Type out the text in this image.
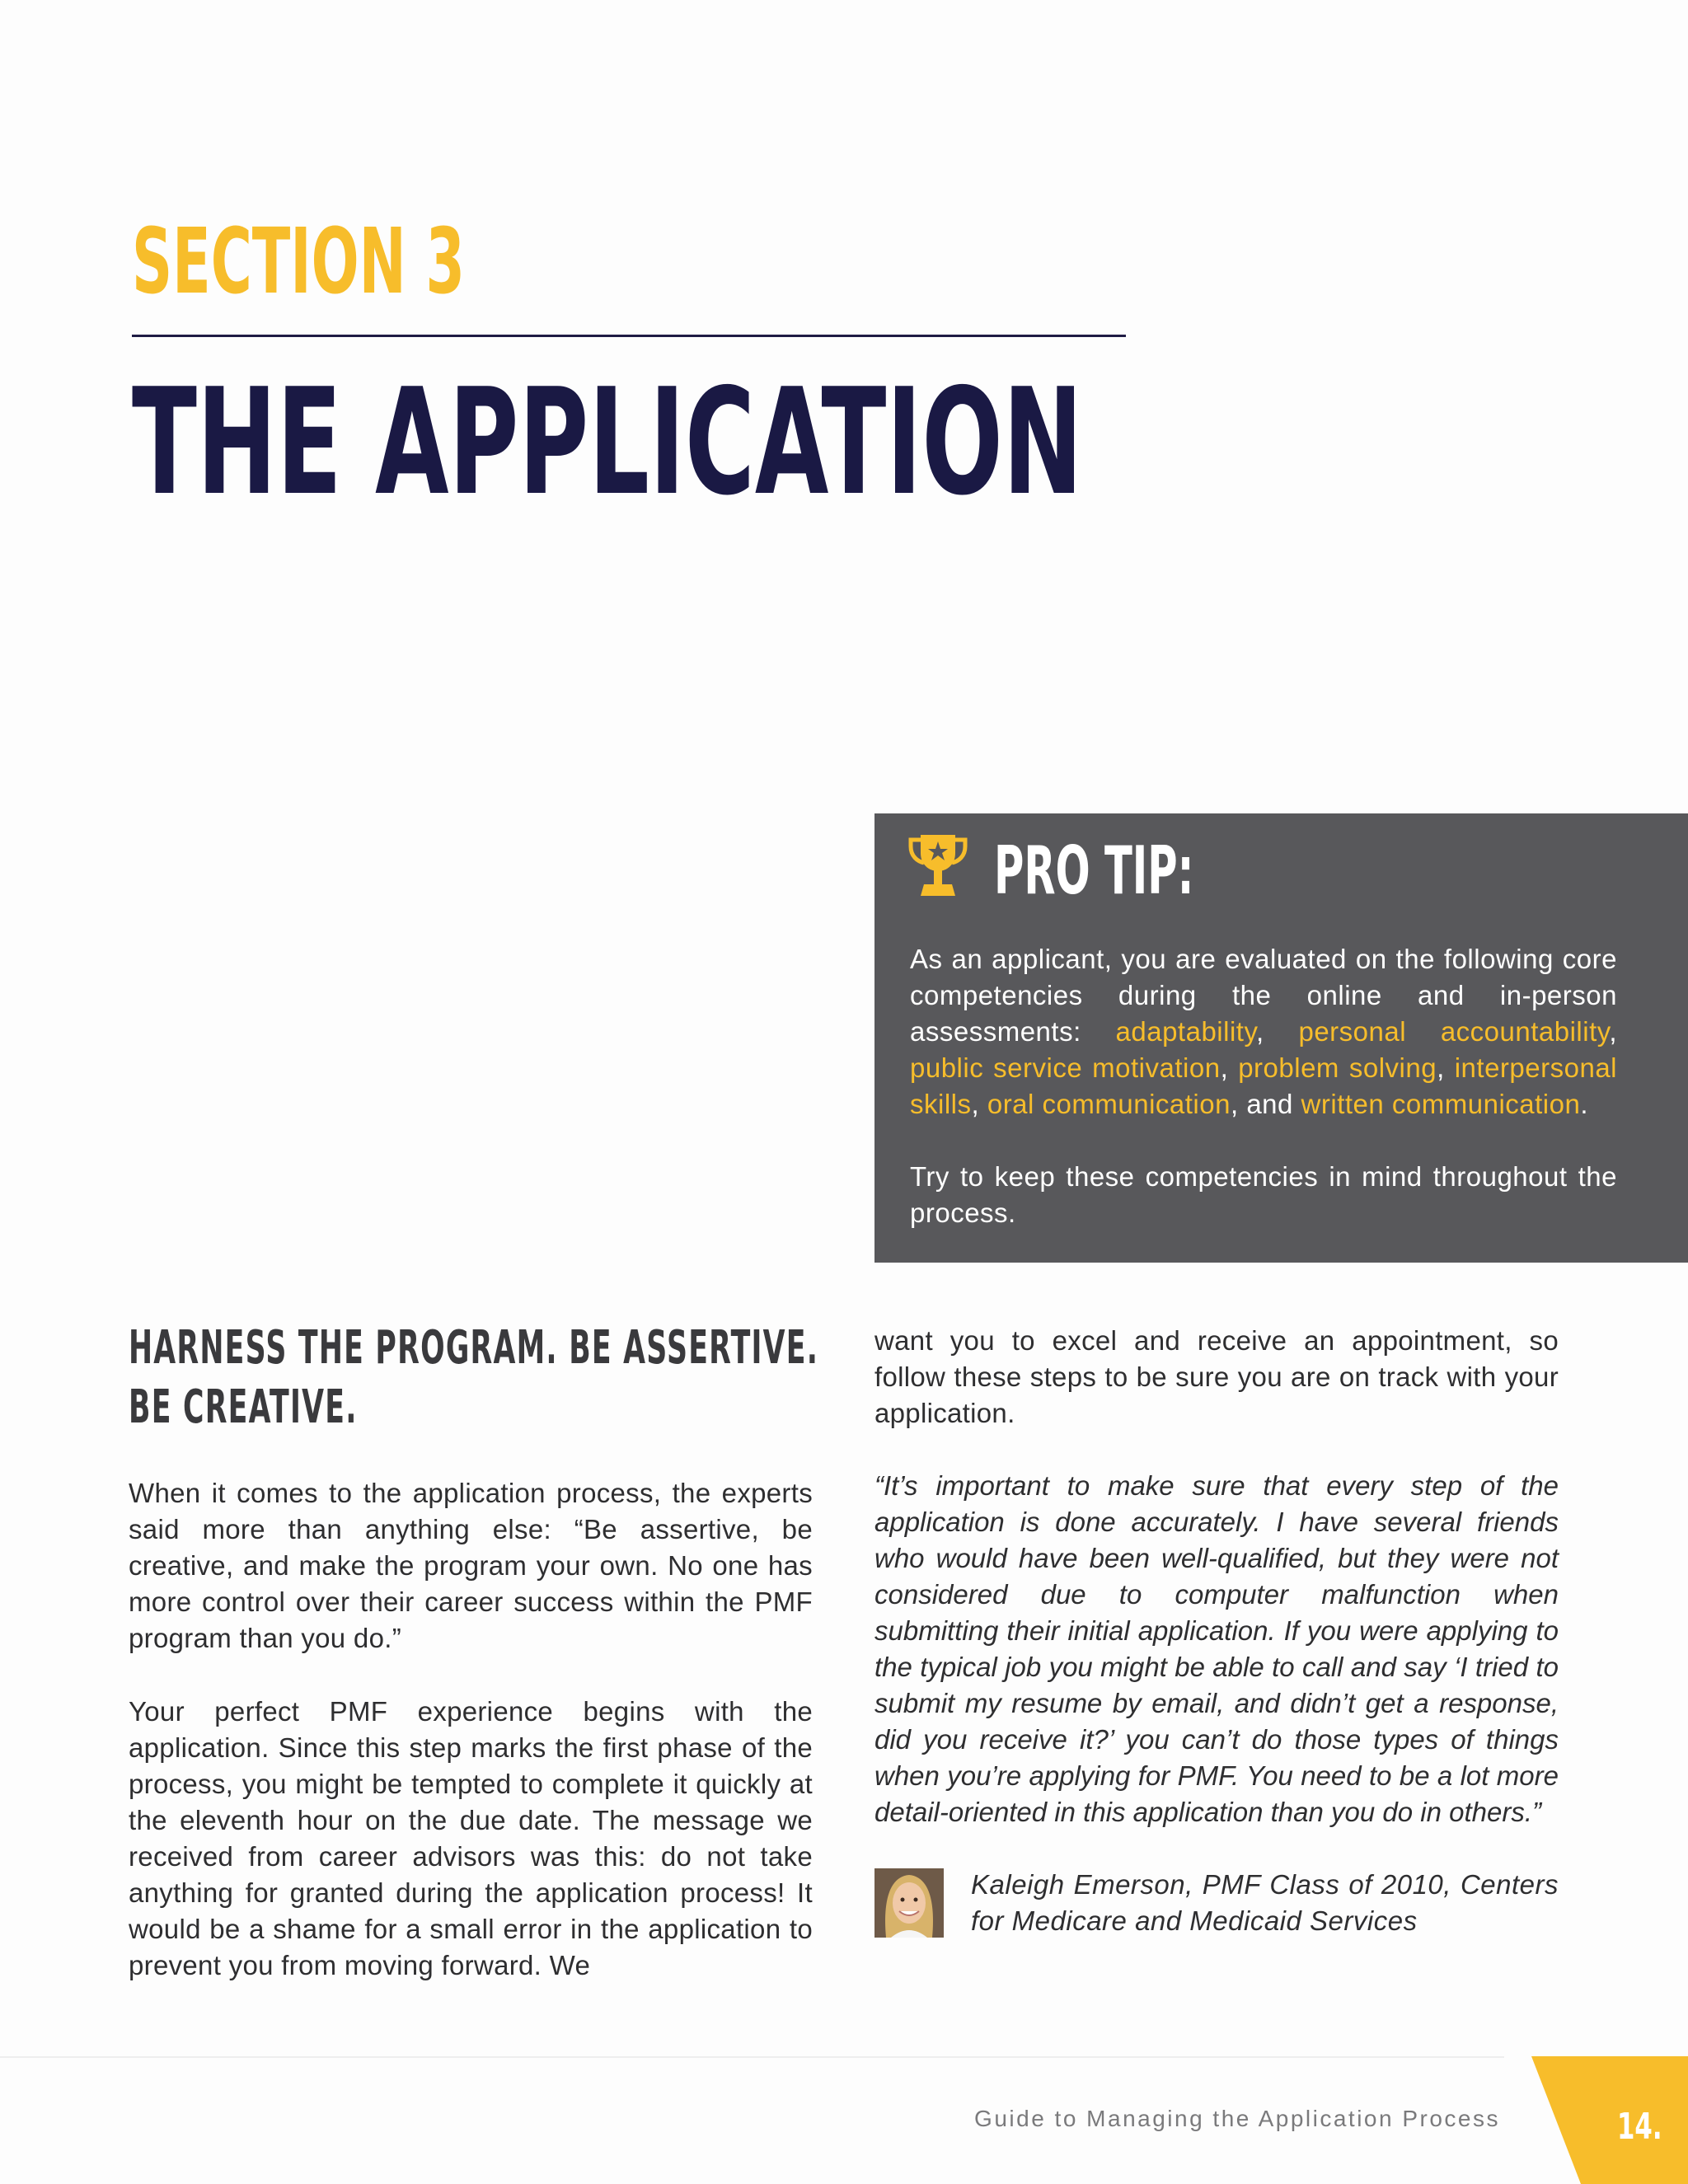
SECTION 3
THE APPLICATION
PRO TIP:

As an applicant, you are evaluated on the following core competencies during the online and in-person assessments: adaptability, personal accountability, public service motivation, problem solving, interpersonal skills, oral communication, and written communication.

Try to keep these competencies in mind throughout the process.

HARNESS THE PROGRAM. BE ASSERTIVE.
BE CREATIVE.

When it comes to the application process, the experts said more than anything else: “Be assertive, be creative, and make the program your own. No one has more control over their career success within the PMF program than you do.”

Your perfect PMF experience begins with the application. Since this step marks the first phase of the process, you might be tempted to complete it quickly at the eleventh hour on the due date. The message we received from career advisors was this: do not take anything for granted during the application process! It would be a shame for a small error in the application to prevent you from moving forward. We

want you to excel and receive an appointment, so follow these steps to be sure you are on track with your application.

“It’s important to make sure that every step of the application is done accurately. I have several friends who would have been well-qualified, but they were not considered due to computer malfunction when submitting their initial application. If you were applying to the typical job you might be able to call and say ‘I tried to submit my resume by email, and didn’t get a response, did you receive it?’ you can’t do those types of things when you’re applying for PMF. You need to be a lot more detail-oriented in this application than you do in others.”

Kaleigh Emerson, PMF Class of 2010, Centers for Medicare and Medicaid Services

Guide to Managing the Application Process	14.
